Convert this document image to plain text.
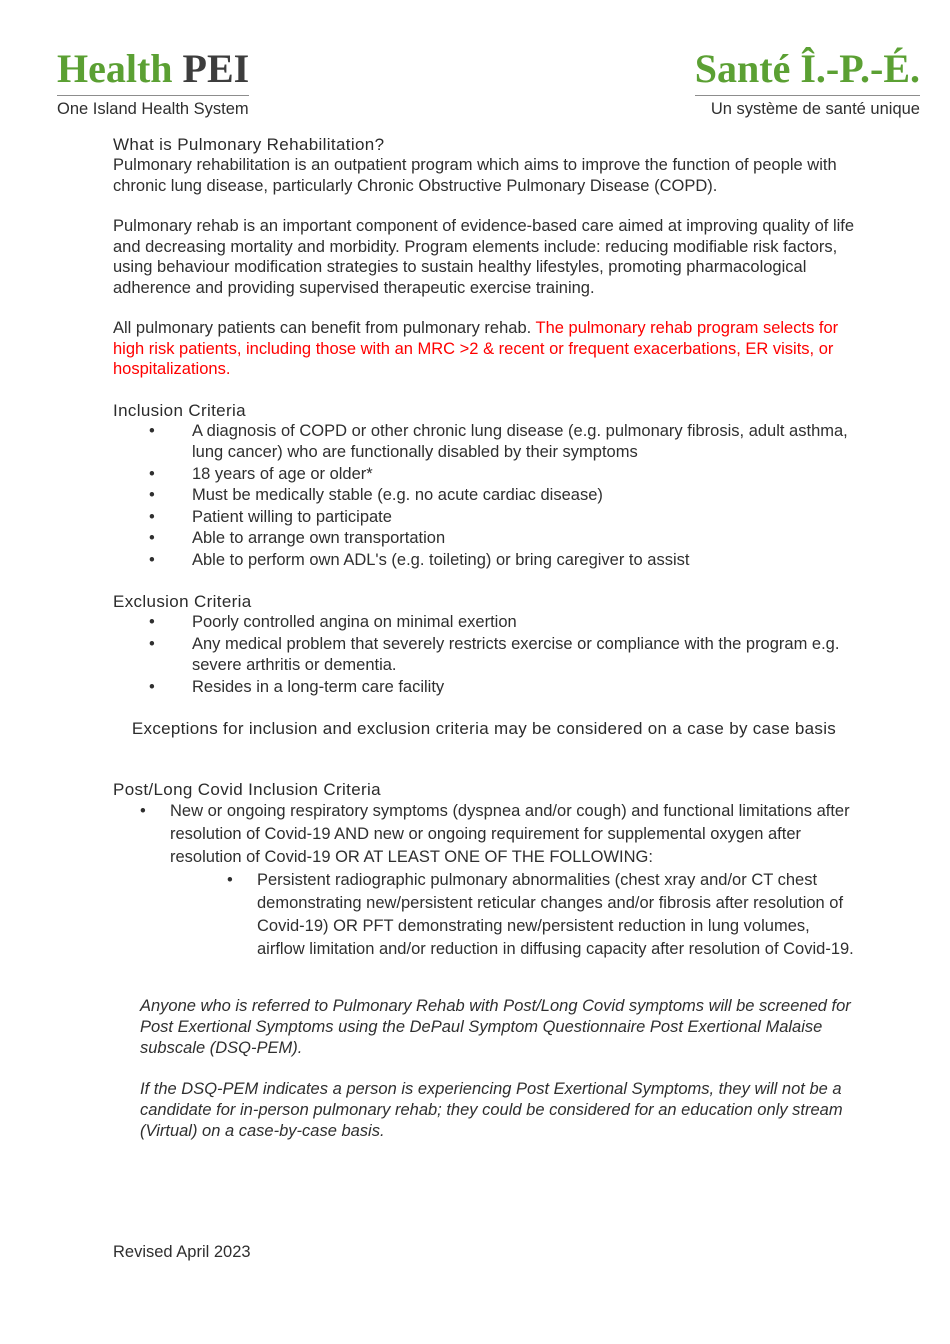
Health PEI
One Island Health System
Santé Î.-P.-É.
Un système de santé unique
What is Pulmonary Rehabilitation?

Pulmonary rehabilitation is an outpatient program which aims to improve the function of people with chronic lung disease, particularly Chronic Obstructive Pulmonary Disease (COPD).

Pulmonary rehab is an important component of evidence-based care aimed at improving quality of life and decreasing mortality and morbidity. Program elements include: reducing modifiable risk factors, using behaviour modification strategies to sustain healthy lifestyles, promoting pharmacological adherence and providing supervised therapeutic exercise training.

All pulmonary patients can benefit from pulmonary rehab. The pulmonary rehab program selects for high risk patients, including those with an MRC >2 & recent or frequent exacerbations, ER visits, or hospitalizations.

Inclusion Criteria
• A diagnosis of COPD or other chronic lung disease (e.g. pulmonary fibrosis, adult asthma, lung cancer) who are functionally disabled by their symptoms
• 18 years of age or older*
• Must be medically stable (e.g. no acute cardiac disease)
• Patient willing to participate
• Able to arrange own transportation
• Able to perform own ADL's (e.g. toileting) or bring caregiver to assist
Exclusion Criteria
• Poorly controlled angina on minimal exertion
• Any medical problem that severely restricts exercise or compliance with the program e.g. severe arthritis or dementia.
• Resides in a long-term care facility

Exceptions for inclusion and exclusion criteria may be considered on a case by case basis

Post/Long Covid Inclusion Criteria
• New or ongoing respiratory symptoms (dyspnea and/or cough) and functional limitations after resolution of Covid-19 AND new or ongoing requirement for supplemental oxygen after resolution of Covid-19 OR AT LEAST ONE OF THE FOLLOWING:
• Persistent radiographic pulmonary abnormalities (chest xray and/or CT chest demonstrating new/persistent reticular changes and/or fibrosis after resolution of Covid-19) OR PFT demonstrating new/persistent reduction in lung volumes, airflow limitation and/or reduction in diffusing capacity after resolution of Covid-19.

Anyone who is referred to Pulmonary Rehab with Post/Long Covid symptoms will be screened for Post Exertional Symptoms using the DePaul Symptom Questionnaire Post Exertional Malaise subscale (DSQ-PEM).

If the DSQ-PEM indicates a person is experiencing Post Exertional Symptoms, they will not be a candidate for in-person pulmonary rehab; they could be considered for an education only stream (Virtual) on a case-by-case basis.

Revised April 2023
